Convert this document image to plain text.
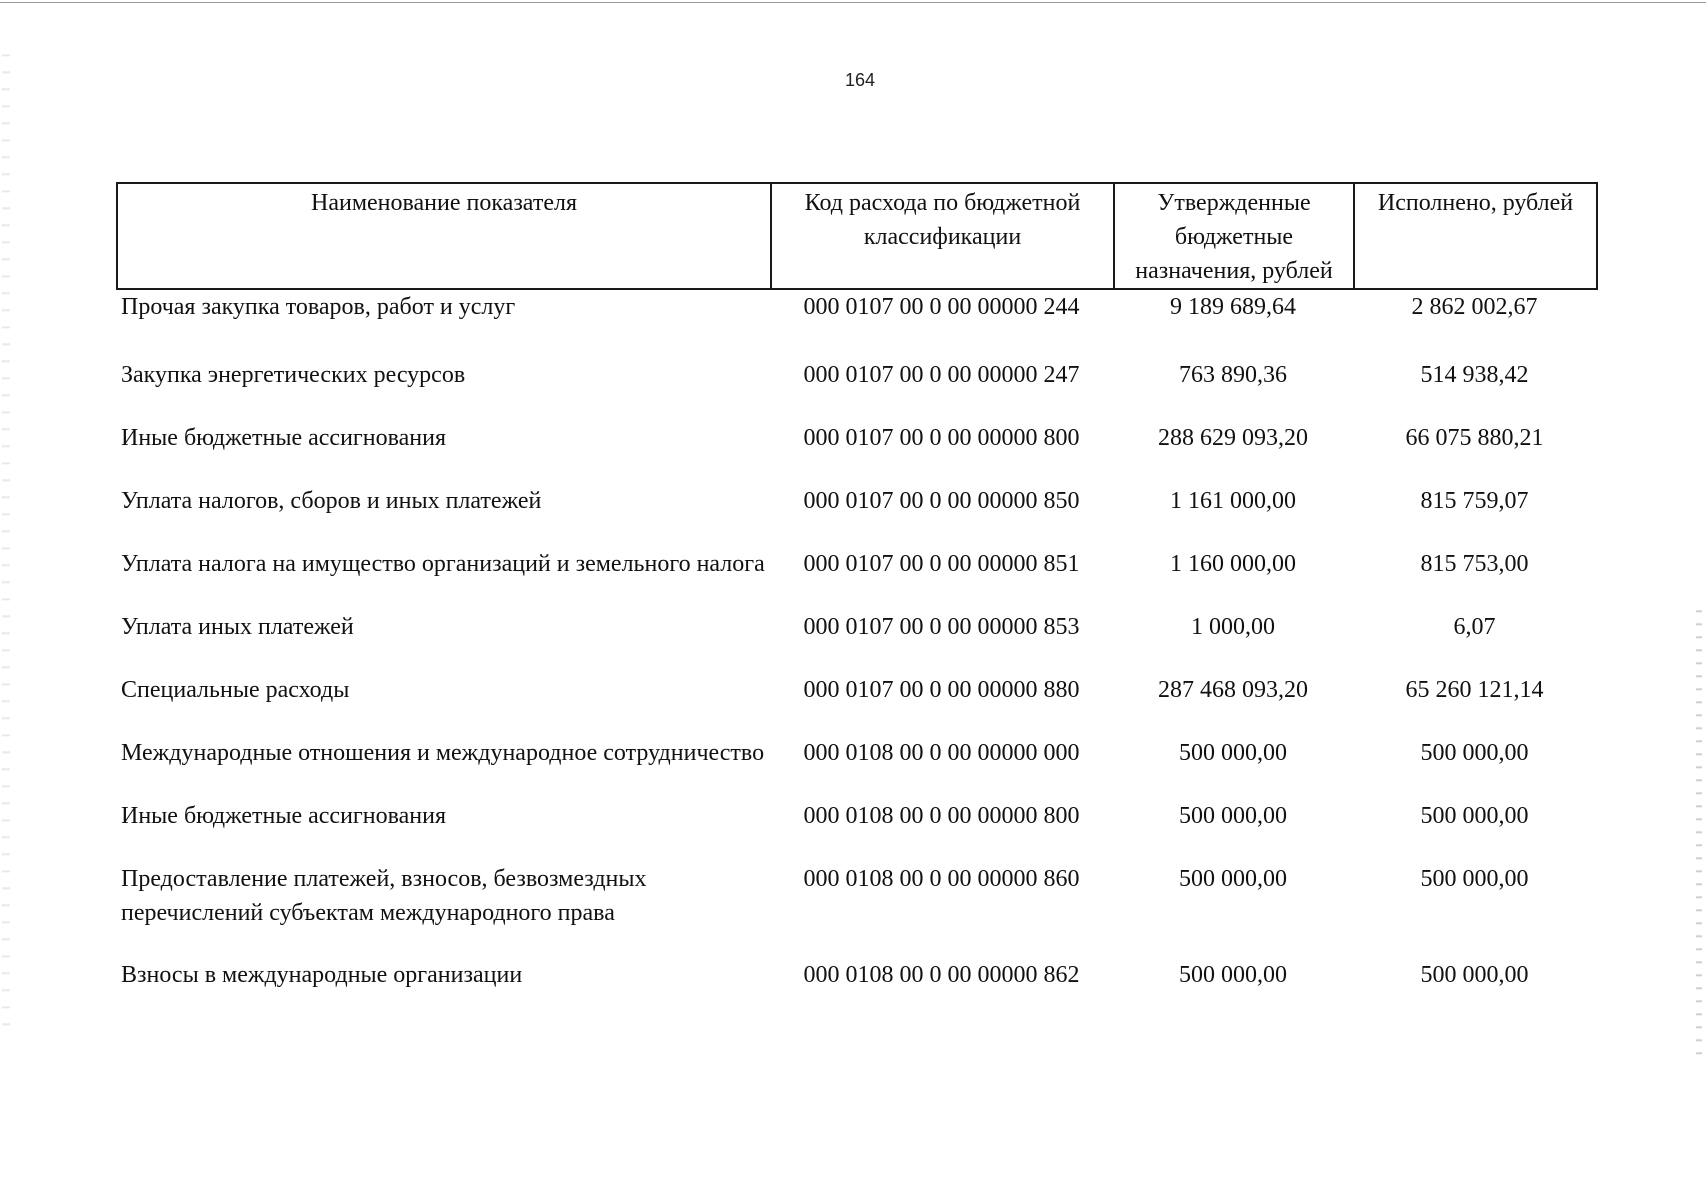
164
Наименование показателя	Код расхода по бюджетной классификации	Утвержденные бюджетные назначения, рублей	Исполнено, рублей
Прочая закупка товаров, работ и услуг	000 0107 00 0 00 00000 244	9 189 689,64	2 862 002,67
Закупка энергетических ресурсов	000 0107 00 0 00 00000 247	763 890,36	514 938,42
Иные бюджетные ассигнования	000 0107 00 0 00 00000 800	288 629 093,20	66 075 880,21
Уплата налогов, сборов и иных платежей	000 0107 00 0 00 00000 850	1 161 000,00	815 759,07
Уплата налога на имущество организаций и земельного налога	000 0107 00 0 00 00000 851	1 160 000,00	815 753,00
Уплата иных платежей	000 0107 00 0 00 00000 853	1 000,00	6,07
Специальные расходы	000 0107 00 0 00 00000 880	287 468 093,20	65 260 121,14
Международные отношения и международное сотрудничество	000 0108 00 0 00 00000 000	500 000,00	500 000,00
Иные бюджетные ассигнования	000 0108 00 0 00 00000 800	500 000,00	500 000,00
Предоставление платежей, взносов, безвозмездных перечислений субъектам международного права	000 0108 00 0 00 00000 860	500 000,00	500 000,00
Взносы в международные организации	000 0108 00 0 00 00000 862	500 000,00	500 000,00
